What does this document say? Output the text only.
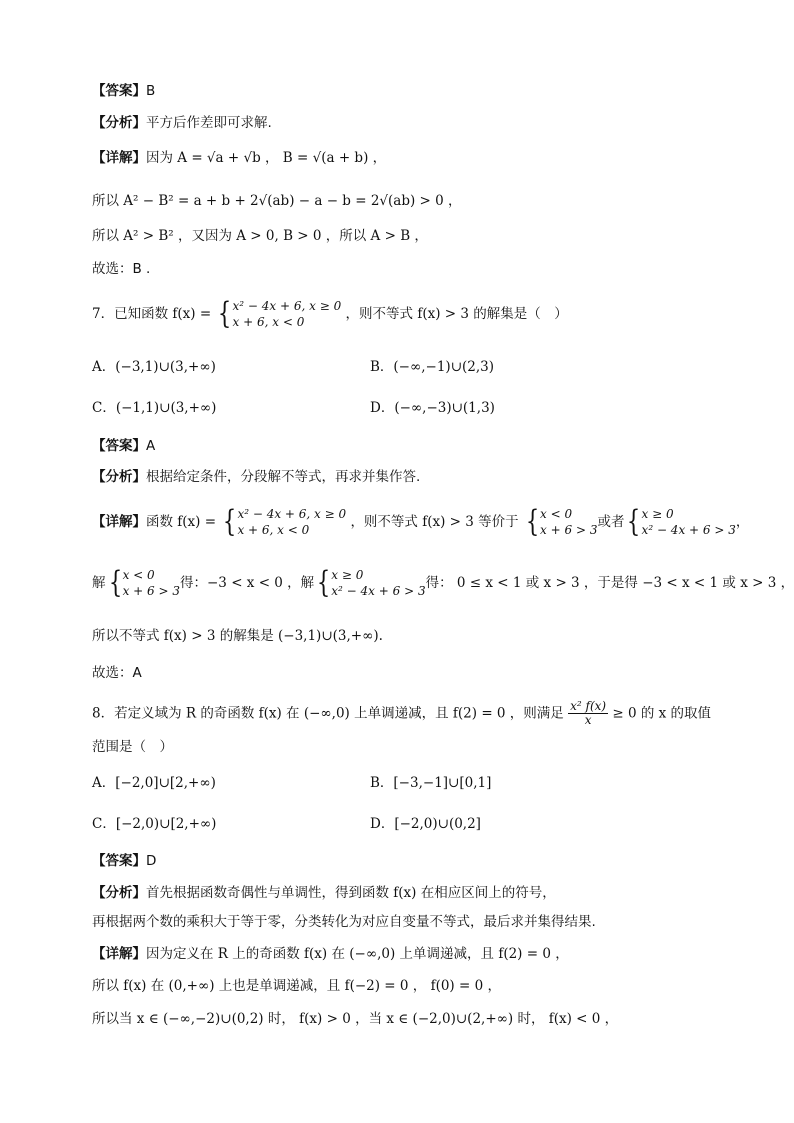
【答案】B
【分析】平方后作差即可求解.
【详解】因为 A = √a + √b ， B = √(a + b) ，
所以 A² − B² = a + b + 2√(ab) − a − b = 2√(ab) > 0 ，
所以 A² > B² ，又因为 A > 0, B > 0 ，所以 A > B ，
故选：B .
7．已知函数 f(x) = { x² − 4x + 6, x ≥ 0
x + 6, x < 0	，则不等式 f(x) > 3 的解集是（　）
A．(−3,1)∪(3,+∞)	B．(−∞,−1)∪(2,3)
C．(−1,1)∪(3,+∞)	D．(−∞,−3)∪(1,3)
【答案】A
【分析】根据给定条件，分段解不等式，再求并集作答.
【详解】函数 f(x) = { x² − 4x + 6, x ≥ 0
x + 6, x < 0	，则不等式 f(x) > 3 等价于 { x < 0
x + 6 > 3 或者{ x ≥ 0
x² − 4x + 6 > 3 ，
解{ x < 0
x + 6 > 3 得：−3 < x < 0 ，解{ x ≥ 0
x² − 4x + 6 > 3 得： 0 ≤ x < 1 或 x > 3 ，于是得 −3 < x < 1 或 x > 3 ，
所以不等式 f(x) > 3 的解集是 (−3,1)∪(3,+∞).
故选：A
8．若定义域为 R 的奇函数 f(x) 在 (−∞,0) 上单调递减，且 f(2) = 0 ，则满足 $\frac{\text{x² f(x)}}{x} \ge 0$ 的 x 的取值
范围是（　）
A．[−2,0]∪[2,+∞)	B．[−3,−1]∪[0,1]
C．[−2,0)∪[2,+∞)	D．[−2,0)∪(0,2]
【答案】D
【分析】首先根据函数奇偶性与单调性，得到函数 f(x) 在相应区间上的符号，
再根据两个数的乘积大于等于零，分类转化为对应自变量不等式，最后求并集得结果.
【详解】因为定义在 R 上的奇函数 f(x) 在 (−∞,0) 上单调递减，且 f(2) = 0 ，
所以 f(x) 在 (0,+∞) 上也是单调递减，且 f(−2) = 0 ， f(0) = 0 ，
所以当 x ∈ (−∞,−2)∪(0,2) 时， f(x) > 0 ，当 x ∈ (−2,0)∪(2,+∞) 时， f(x) < 0 ，
